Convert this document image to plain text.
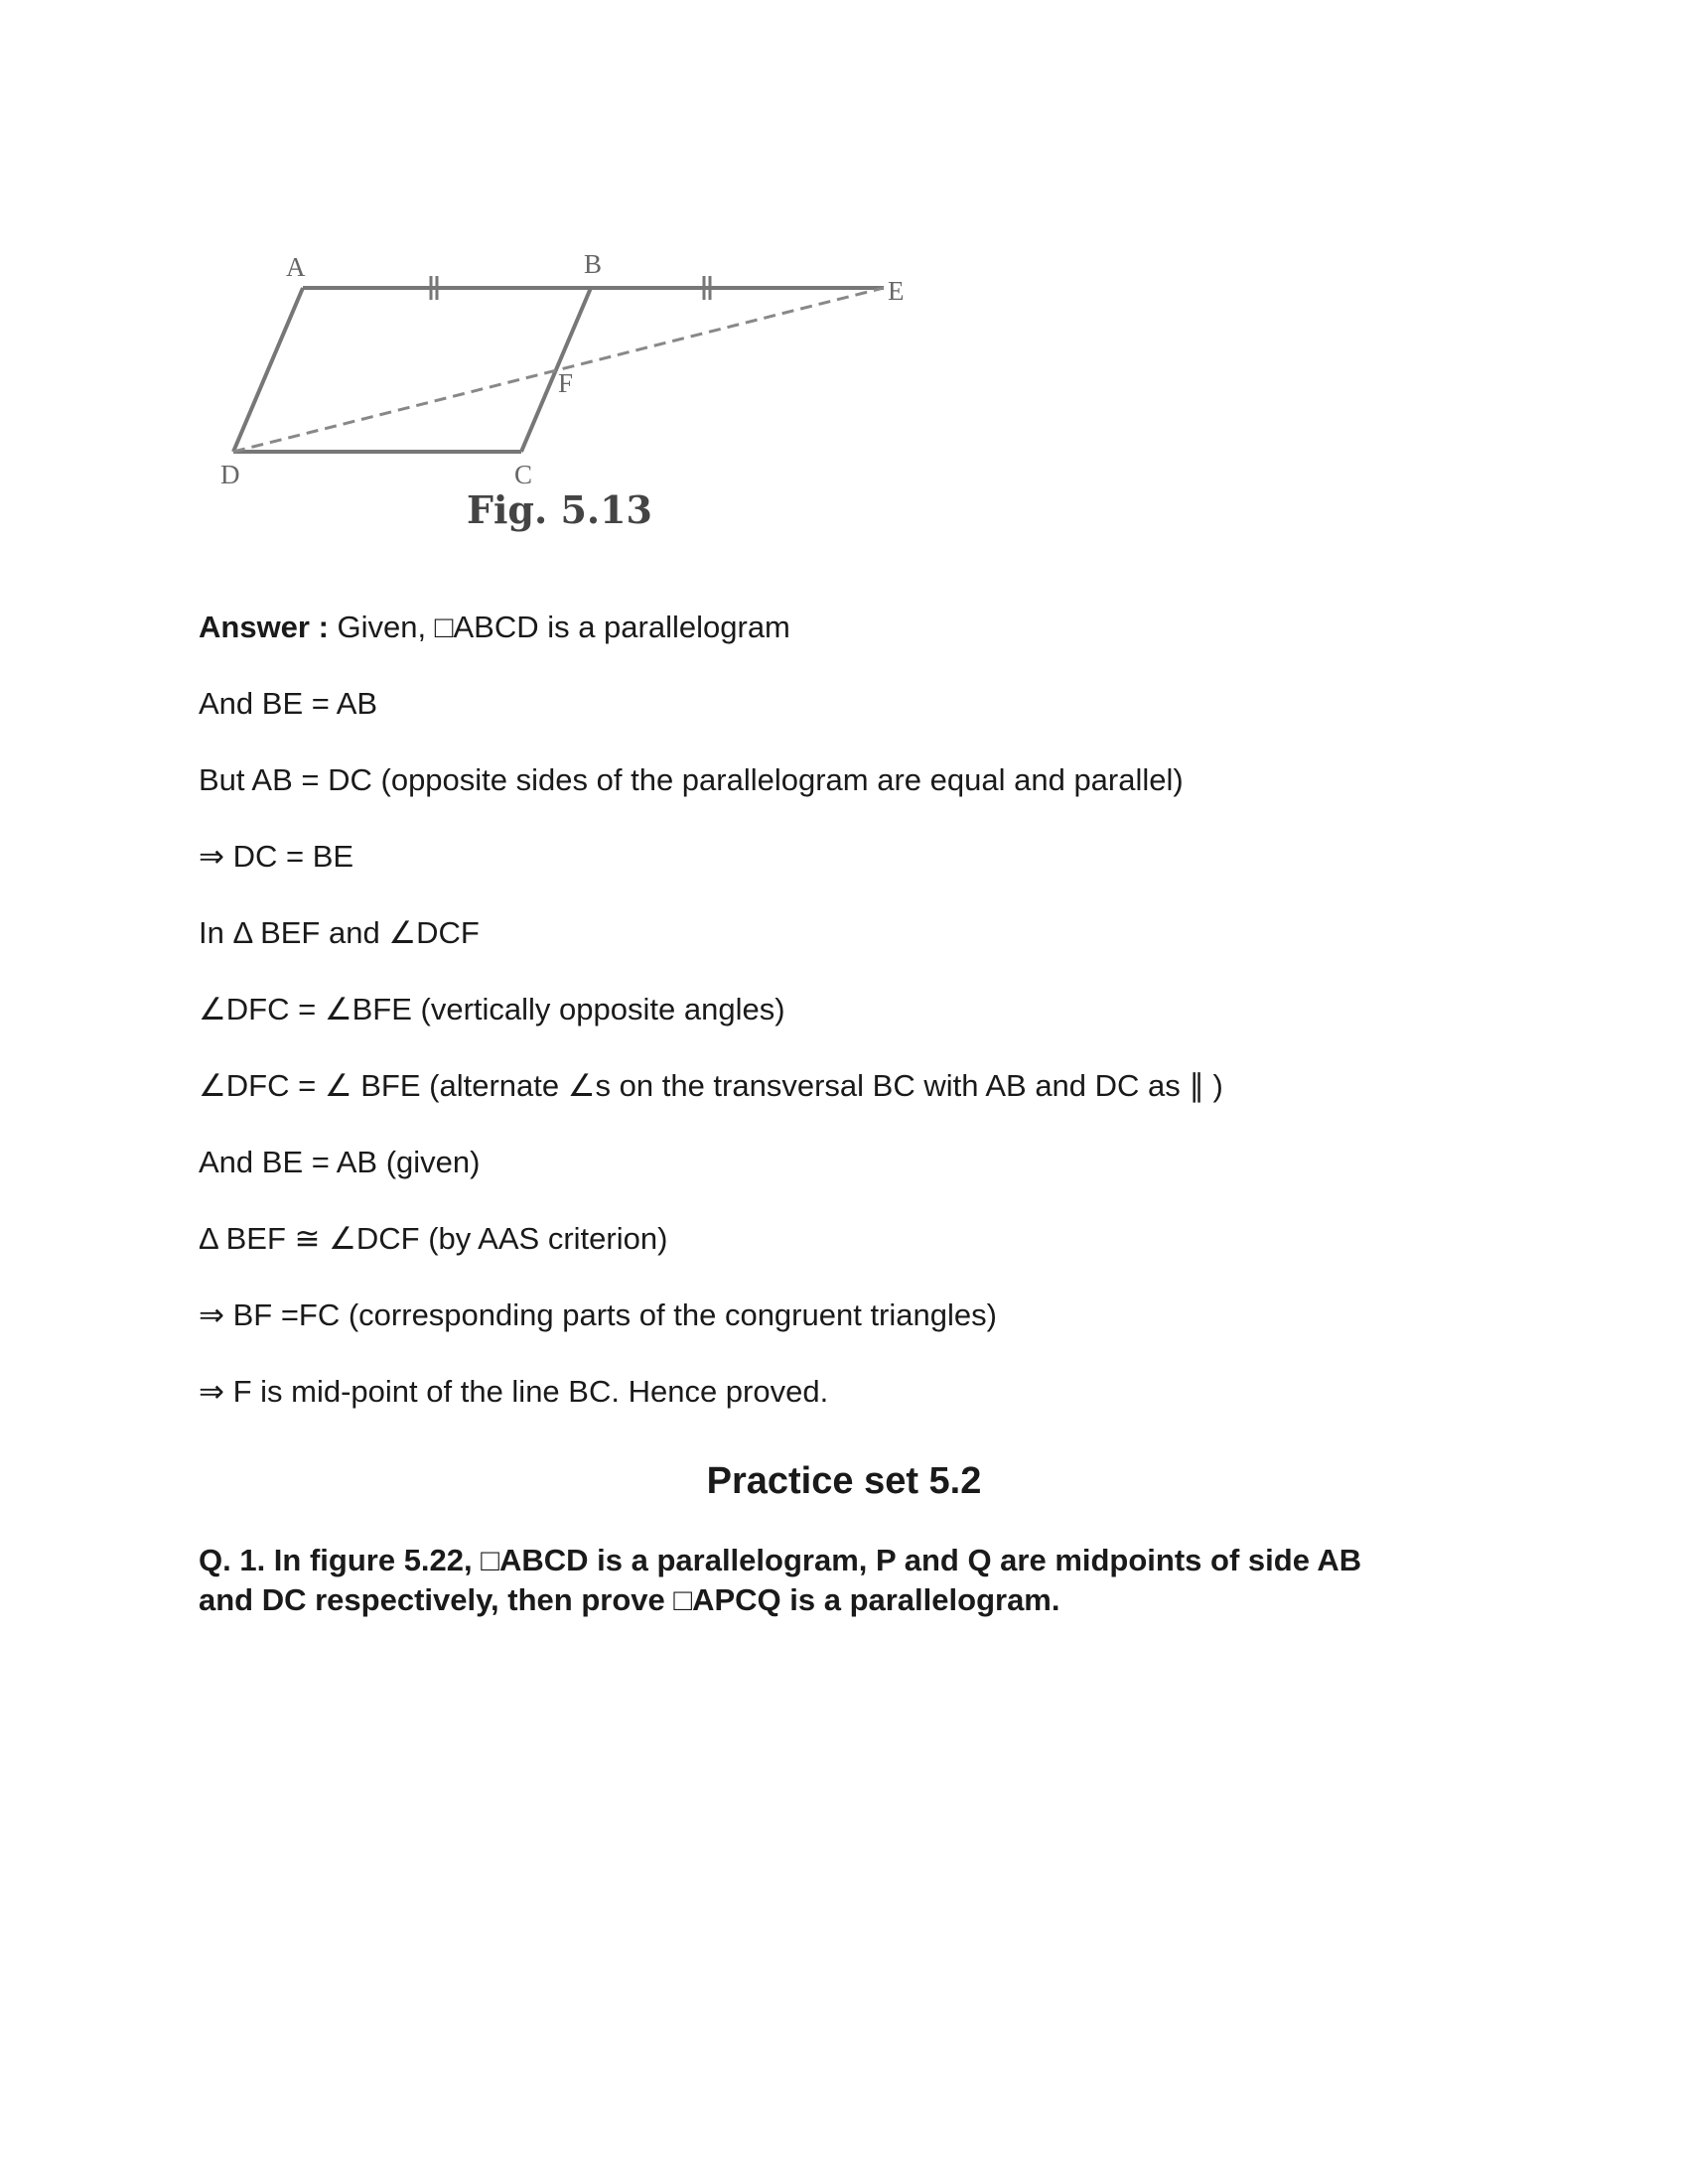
A	B
E
F
D	C
Fig. 5.13
Answer : Given, □ABCD is a parallelogram
And BE = AB
But AB = DC (opposite sides of the parallelogram are equal and parallel)
⇒ DC = BE
In Δ BEF and ∠DCF
∠DFC = ∠BFE (vertically opposite angles)
∠DFC = ∠ BFE (alternate ∠s on the transversal BC with AB and DC as ∥ )
And BE = AB (given)
Δ BEF ≅ ∠DCF (by AAS criterion)
⇒ BF =FC (corresponding parts of the congruent triangles)
⇒ F is mid-point of the line BC. Hence proved.
Practice set 5.2
Q. 1. In figure 5.22, □ABCD is a parallelogram, P and Q are midpoints of side AB
and DC respectively, then prove □APCQ is a parallelogram.
